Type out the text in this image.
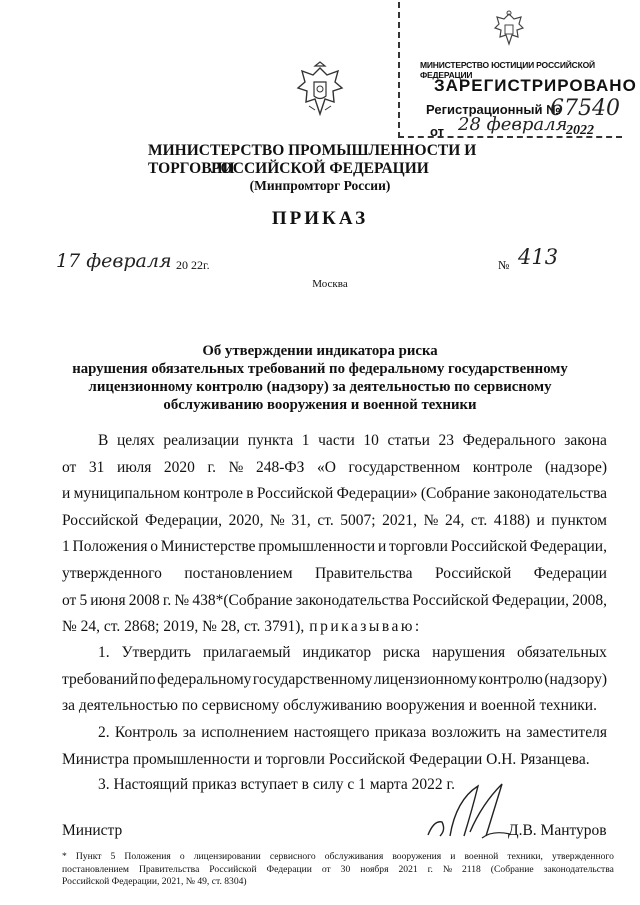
МИНИСТЕРСТВО ЮСТИЦИИ РОССИЙСКОЙ ФЕДЕРАЦИИ
ЗАРЕГИСТРИРОВАНО
Регистрационный №
67540
от 28 февраля
2022
МИНИСТЕРСТВО ПРОМЫШЛЕННОСТИ И ТОРГОВЛИ
РОССИЙСКОЙ ФЕДЕРАЦИИ
(Минпромторг России)
ПРИКАЗ
17 февраля 20 22г.	№ 413
Москва
Об утверждении индикатора риска
нарушения обязательных требований по федеральному государственному
лицензионному контролю (надзору) за деятельностью по сервисному
обслуживанию вооружения и военной техники
В целях реализации пункта 1 части 10 статьи 23 Федерального закона
от 31 июля 2020 г. № 248-ФЗ «О государственном контроле (надзоре)
и муниципальном контроле в Российской Федерации» (Собрание законодательства
Российской Федерации, 2020, № 31, ст. 5007; 2021, № 24, ст. 4188) и пунктом
1 Положения о Министерстве промышленности и торговли Российской Федерации,
утвержденного постановлением Правительства Российской Федерации
от 5 июня 2008 г. № 438*(Собрание законодательства Российской Федерации, 2008,
№ 24, ст. 2868; 2019, № 28, ст. 3791), приказываю:
1. Утвердить прилагаемый индикатор риска нарушения обязательных
требований по федеральному государственному лицензионному контролю (надзору)
за деятельностью по сервисному обслуживанию вооружения и военной техники.
2. Контроль за исполнением настоящего приказа возложить на заместителя
Министра промышленности и торговли Российской Федерации О.Н. Рязанцева.
3. Настоящий приказ вступает в силу с 1 марта 2022 г.
Министр	Д.В. Мантуров
* Пункт 5 Положения о лицензировании сервисного обслуживания вооружения и военной техники, утвержденного
постановлением Правительства Российской Федерации от 30 ноября 2021 г. № 2118 (Собрание законодательства
Российской Федерации, 2021, № 49, ст. 8304)
